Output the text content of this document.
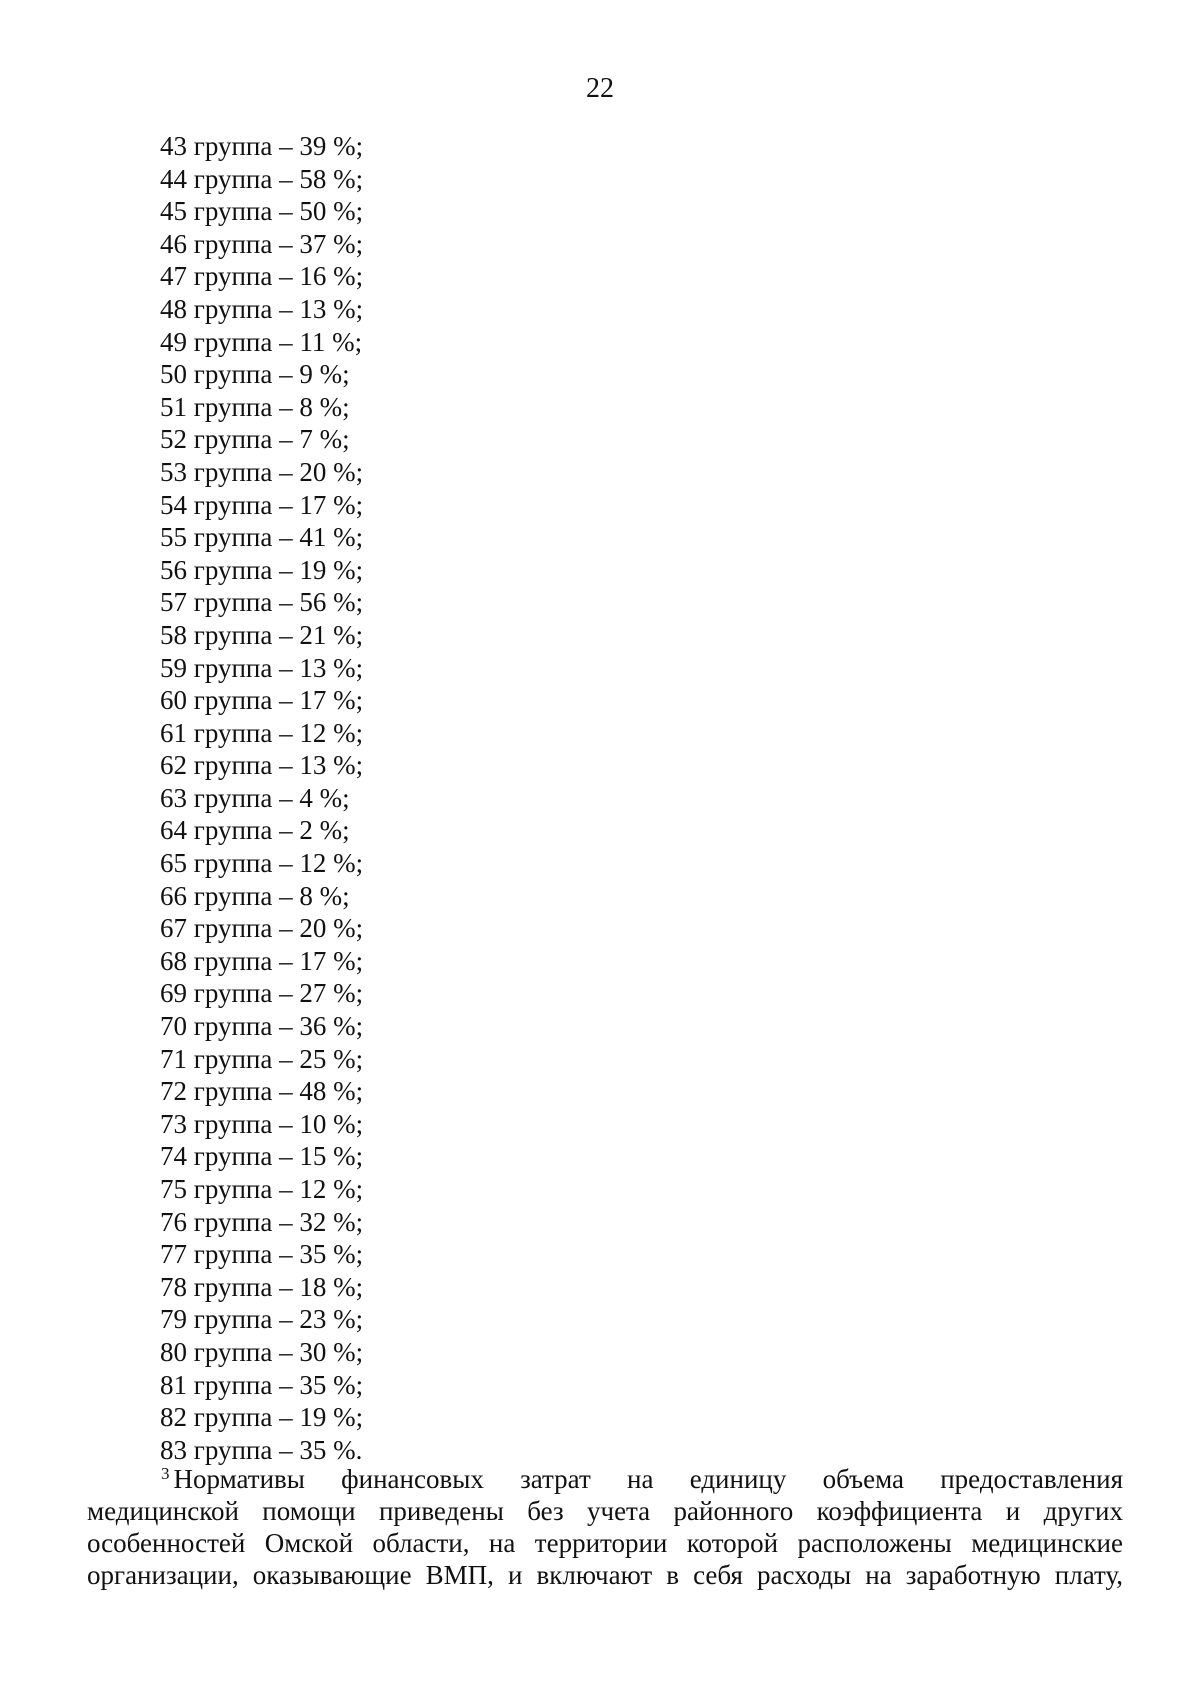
22
43 группа – 39 %;
44 группа – 58 %;
45 группа – 50 %;
46 группа – 37 %;
47 группа – 16 %;
48 группа – 13 %;
49 группа – 11 %;
50 группа – 9 %;
51 группа – 8 %;
52 группа – 7 %;
53 группа – 20 %;
54 группа – 17 %;
55 группа – 41 %;
56 группа – 19 %;
57 группа – 56 %;
58 группа – 21 %;
59 группа – 13 %;
60 группа – 17 %;
61 группа – 12 %;
62 группа – 13 %;
63 группа – 4 %;
64 группа – 2 %;
65 группа – 12 %;
66 группа – 8 %;
67 группа – 20 %;
68 группа – 17 %;
69 группа – 27 %;
70 группа – 36 %;
71 группа – 25 %;
72 группа – 48 %;
73 группа – 10 %;
74 группа – 15 %;
75 группа – 12 %;
76 группа – 32 %;
77 группа – 35 %;
78 группа – 18 %;
79 группа – 23 %;
80 группа – 30 %;
81 группа – 35 %;
82 группа – 19 %;
83 группа – 35 %.

$^3$ Нормативы финансовых затрат на единицу объема предоставления
медицинской помощи приведены без учета районного коэффициента и других
особенностей Омской области, на территории которой расположены медицинские
организации, оказывающие ВМП, и включают в себя расходы на заработную плату,
